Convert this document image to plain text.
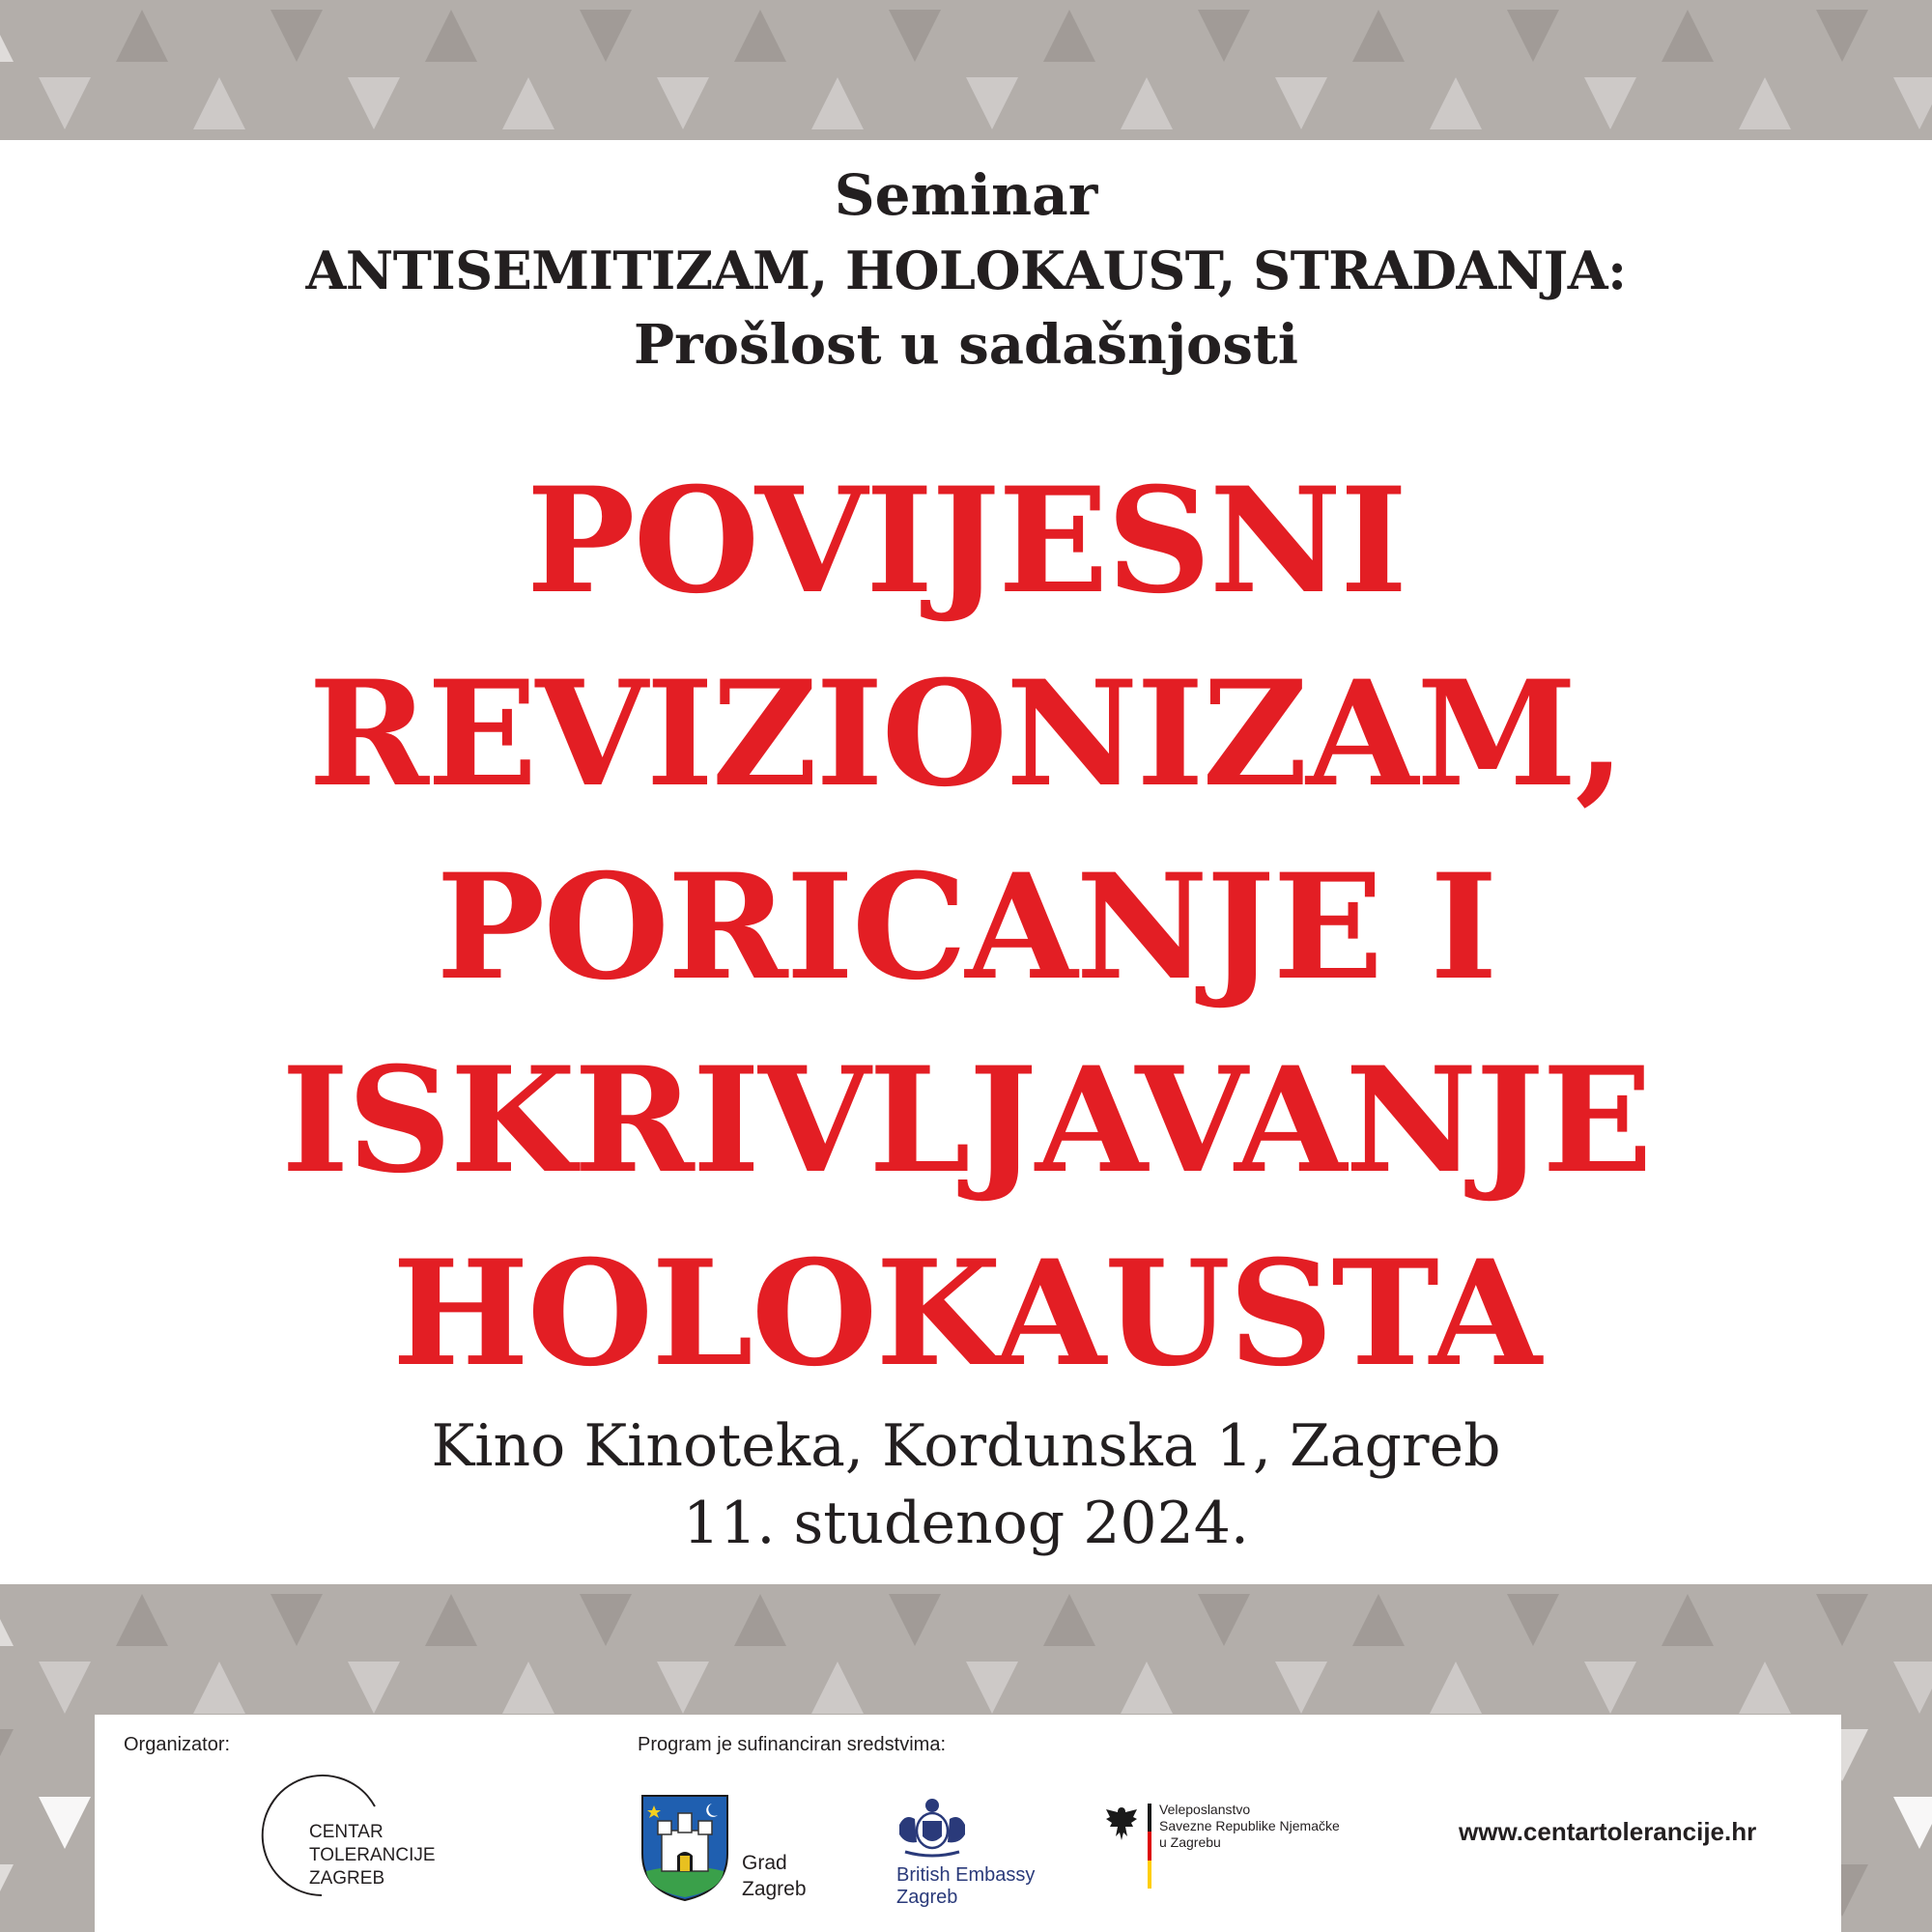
Seminar
ANTISEMITIZAM, HOLOKAUST, STRADANJA:
Prošlost u sadašnjosti
POVIJESNI
REVIZIONIZAM,
PORICANJE I
ISKRIVLJAVANJE
HOLOKAUSTA
Kino Kinoteka, Kordunska 1, Zagreb
11. studenog 2024.
Organizator:
CENTAR
TOLERANCIJE
ZAGREB
Program je sufinanciran sredstvima:
Grad
Zagreb
British Embassy
Zagreb
Veleposlanstvo
Savezne Republike Njemačke
u Zagrebu	www.centartolerancije.hr
